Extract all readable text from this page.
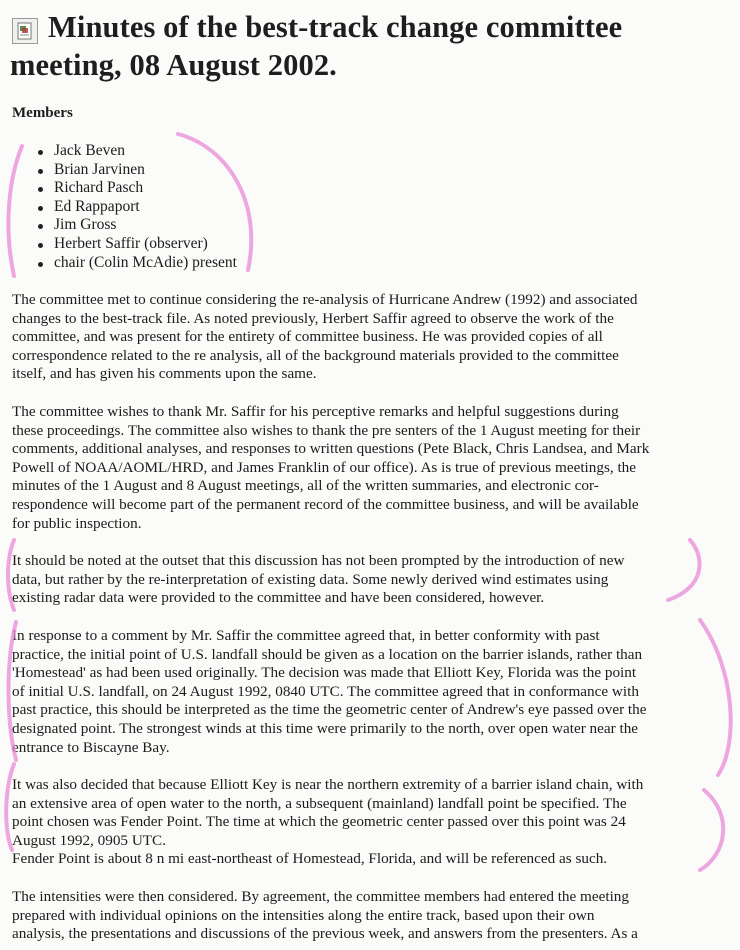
Minutes of the best-track change committee
meeting, 08 August 2002.

Members

Jack Beven
Brian Jarvinen
Richard Pasch
Ed Rappaport
Jim Gross
Herbert Saffir (observer)
chair (Colin McAdie) present

The committee met to continue considering the re-analysis of Hurricane Andrew (1992) and associated
changes to the best-track file. As noted previously, Herbert Saffir agreed to observe the work of the
committee, and was present for the entirety of committee business. He was provided copies of all
correspondence related to the re analysis, all of the background materials provided to the committee
itself, and has given his comments upon the same.

The committee wishes to thank Mr. Saffir for his perceptive remarks and helpful suggestions during
these proceedings. The committee also wishes to thank the pre senters of the 1 August meeting for their
comments, additional analyses, and responses to written questions (Pete Black, Chris Landsea, and Mark
Powell of NOAA/AOML/HRD, and James Franklin of our office). As is true of previous meetings, the
minutes of the 1 August and 8 August meetings, all of the written summaries, and electronic cor-
respondence will become part of the permanent record of the committee business, and will be available
for public inspection.

It should be noted at the outset that this discussion has not been prompted by the introduction of new
data, but rather by the re-interpretation of existing data. Some newly derived wind estimates using
existing radar data were provided to the committee and have been considered, however.

In response to a comment by Mr. Saffir the committee agreed that, in better conformity with past
practice, the initial point of U.S. landfall should be given as a location on the barrier islands, rather than
'Homestead' as had been used originally. The decision was made that Elliott Key, Florida was the point
of initial U.S. landfall, on 24 August 1992, 0840 UTC. The committee agreed that in conformance with
past practice, this should be interpreted as the time the geometric center of Andrew's eye passed over the
designated point. The strongest winds at this time were primarily to the north, over open water near the
entrance to Biscayne Bay.

It was also decided that because Elliott Key is near the northern extremity of a barrier island chain, with
an extensive area of open water to the north, a subsequent (mainland) landfall point be specified. The
point chosen was Fender Point. The time at which the geometric center passed over this point was 24
August 1992, 0905 UTC.
Fender Point is about 8 n mi east-northeast of Homestead, Florida, and will be referenced as such.

The intensities were then considered. By agreement, the committee members had entered the meeting
prepared with individual opinions on the intensities along the entire track, based upon their own
analysis, the presentations and discussions of the previous week, and answers from the presenters. As a
